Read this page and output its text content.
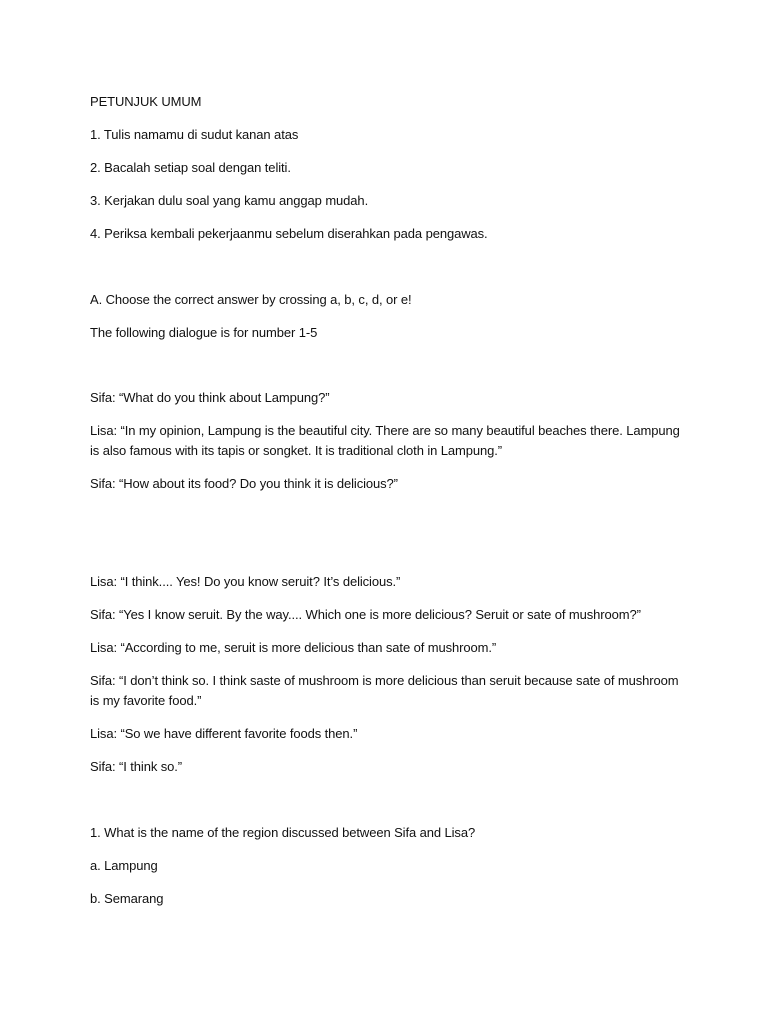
PETUNJUK UMUM
1. Tulis namamu di sudut kanan atas
2. Bacalah setiap soal dengan teliti.
3. Kerjakan dulu soal yang kamu anggap mudah.
4. Periksa kembali pekerjaanmu sebelum diserahkan pada pengawas.
A. Choose the correct answer by crossing a, b, c, d, or e!
The following dialogue is for number 1-5
Sifa: “What do you think about Lampung?”
Lisa: “In my opinion, Lampung is the beautiful city. There are so many beautiful beaches there. Lampung is also famous with its tapis or songket. It is traditional cloth in Lampung.”
Sifa: “How about its food? Do you think it is delicious?”
Lisa: “I think.... Yes! Do you know seruit? It’s delicious.”
Sifa: “Yes I know seruit. By the way.... Which one is more delicious? Seruit or sate of mushroom?”
Lisa: “According to me, seruit is more delicious than sate of mushroom.”
Sifa: “I don’t think so. I think saste of mushroom is more delicious than seruit because sate of mushroom is my favorite food.”
Lisa: “So we have different favorite foods then.”
Sifa: “I think so.”
1. What is the name of the region discussed between Sifa and Lisa?
a. Lampung
b. Semarang
